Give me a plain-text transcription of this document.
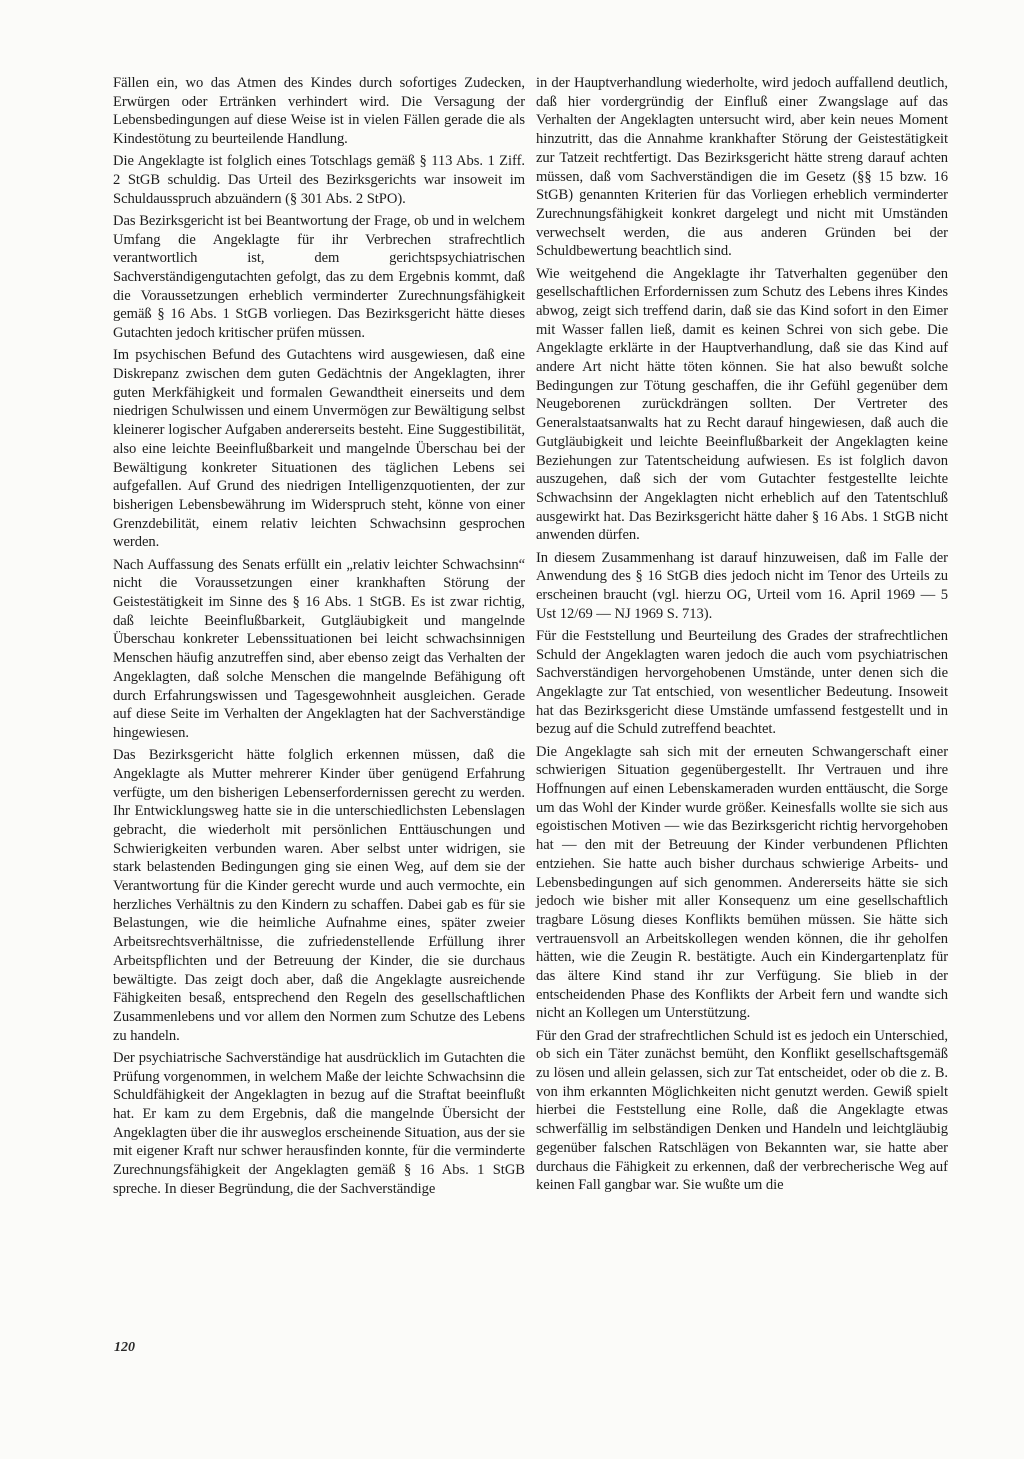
Fällen ein, wo das Atmen des Kindes durch sofortiges Zudecken, Erwürgen oder Ertränken verhindert wird. Die Versagung der Lebensbedingungen auf diese Weise ist in vielen Fällen gerade die als Kindestötung zu beurteilende Handlung.

Die Angeklagte ist folglich eines Totschlags gemäß § 113 Abs. 1 Ziff. 2 StGB schuldig. Das Urteil des Bezirksgerichts war insoweit im Schuldausspruch abzuändern (§ 301 Abs. 2 StPO).

Das Bezirksgericht ist bei Beantwortung der Frage, ob und in welchem Umfang die Angeklagte für ihr Verbrechen strafrechtlich verantwortlich ist, dem gerichtspsychiatrischen Sachverständigengutachten gefolgt, das zu dem Ergebnis kommt, daß die Voraussetzungen erheblich verminderter Zurechnungsfähigkeit gemäß § 16 Abs. 1 StGB vorliegen. Das Bezirksgericht hätte dieses Gutachten jedoch kritischer prüfen müssen.

Im psychischen Befund des Gutachtens wird ausgewiesen, daß eine Diskrepanz zwischen dem guten Gedächtnis der Angeklagten, ihrer guten Merkfähigkeit und formalen Gewandtheit einerseits und dem niedrigen Schulwissen und einem Unvermögen zur Bewältigung selbst kleinerer logischer Aufgaben andererseits besteht. Eine Suggestibilität, also eine leichte Beeinflußbarkeit und mangelnde Überschau bei der Bewältigung konkreter Situationen des täglichen Lebens sei aufgefallen. Auf Grund des niedrigen Intelligenzquotienten, der zur bisherigen Lebensbewährung im Widerspruch steht, könne von einer Grenzdebilität, einem relativ leichten Schwachsinn gesprochen werden.

Nach Auffassung des Senats erfüllt ein „relativ leichter Schwachsinn“ nicht die Voraussetzungen einer krankhaften Störung der Geistestätigkeit im Sinne des § 16 Abs. 1 StGB. Es ist zwar richtig, daß leichte Beeinflußbarkeit, Gutgläubigkeit und mangelnde Überschau konkreter Lebenssituationen bei leicht schwachsinnigen Menschen häufig anzutreffen sind, aber ebenso zeigt das Verhalten der Angeklagten, daß solche Menschen die mangelnde Befähigung oft durch Erfahrungswissen und Tagesgewohnheit ausgleichen. Gerade auf diese Seite im Verhalten der Angeklagten hat der Sachverständige hingewiesen.

Das Bezirksgericht hätte folglich erkennen müssen, daß die Angeklagte als Mutter mehrerer Kinder über genügend Erfahrung verfügte, um den bisherigen Lebenserfordernissen gerecht zu werden. Ihr Entwicklungsweg hatte sie in die unterschiedlichsten Lebenslagen gebracht, die wiederholt mit persönlichen Enttäuschungen und Schwierigkeiten verbunden waren. Aber selbst unter widrigen, sie stark belastenden Bedingungen ging sie einen Weg, auf dem sie der Verantwortung für die Kinder gerecht wurde und auch vermochte, ein herzliches Verhältnis zu den Kindern zu schaffen. Dabei gab es für sie Belastungen, wie die heimliche Aufnahme eines, später zweier Arbeitsrechtsverhältnisse, die zufriedenstellende Erfüllung ihrer Arbeitspflichten und der Betreuung der Kinder, die sie durchaus bewältigte. Das zeigt doch aber, daß die Angeklagte ausreichende Fähigkeiten besaß, entsprechend den Regeln des gesellschaftlichen Zusammenlebens und vor allem den Normen zum Schutze des Lebens zu handeln.

Der psychiatrische Sachverständige hat ausdrücklich im Gutachten die Prüfung vorgenommen, in welchem Maße der leichte Schwachsinn die Schuldfähigkeit der Angeklagten in bezug auf die Straftat beeinflußt hat. Er kam zu dem Ergebnis, daß die mangelnde Übersicht der Angeklagten über die ihr ausweglos erscheinende Situation, aus der sie mit eigener Kraft nur schwer herausfinden konnte, für die verminderte Zurechnungsfähigkeit der Angeklagten gemäß § 16 Abs. 1 StGB spreche. In dieser Begründung, die der Sachverständige

in der Hauptverhandlung wiederholte, wird jedoch auffallend deutlich, daß hier vordergründig der Einfluß einer Zwangslage auf das Verhalten der Angeklagten untersucht wird, aber kein neues Moment hinzutritt, das die Annahme krankhafter Störung der Geistestätigkeit zur Tatzeit rechtfertigt. Das Bezirksgericht hätte streng darauf achten müssen, daß vom Sachverständigen die im Gesetz (§§ 15 bzw. 16 StGB) genannten Kriterien für das Vorliegen erheblich verminderter Zurechnungsfähigkeit konkret dargelegt und nicht mit Umständen verwechselt werden, die aus anderen Gründen bei der Schuldbewertung beachtlich sind.

Wie weitgehend die Angeklagte ihr Tatverhalten gegenüber den gesellschaftlichen Erfordernissen zum Schutz des Lebens ihres Kindes abwog, zeigt sich treffend darin, daß sie das Kind sofort in den Eimer mit Wasser fallen ließ, damit es keinen Schrei von sich gebe. Die Angeklagte erklärte in der Hauptverhandlung, daß sie das Kind auf andere Art nicht hätte töten können. Sie hat also bewußt solche Bedingungen zur Tötung geschaffen, die ihr Gefühl gegenüber dem Neugeborenen zurückdrängen sollten. Der Vertreter des Generalstaatsanwalts hat zu Recht darauf hingewiesen, daß auch die Gutgläubigkeit und leichte Beeinflußbarkeit der Angeklagten keine Beziehungen zur Tatentscheidung aufwiesen. Es ist folglich davon auszugehen, daß sich der vom Gutachter festgestellte leichte Schwachsinn der Angeklagten nicht erheblich auf den Tatentschluß ausgewirkt hat. Das Bezirksgericht hätte daher § 16 Abs. 1 StGB nicht anwenden dürfen.

In diesem Zusammenhang ist darauf hinzuweisen, daß im Falle der Anwendung des § 16 StGB dies jedoch nicht im Tenor des Urteils zu erscheinen braucht (vgl. hierzu OG, Urteil vom 16. April 1969 — 5 Ust 12/69 — NJ 1969 S. 713).

Für die Feststellung und Beurteilung des Grades der strafrechtlichen Schuld der Angeklagten waren jedoch die auch vom psychiatrischen Sachverständigen hervorgehobenen Umstände, unter denen sich die Angeklagte zur Tat entschied, von wesentlicher Bedeutung. Insoweit hat das Bezirksgericht diese Umstände umfassend festgestellt und in bezug auf die Schuld zutreffend beachtet.

Die Angeklagte sah sich mit der erneuten Schwangerschaft einer schwierigen Situation gegenübergestellt. Ihr Vertrauen und ihre Hoffnungen auf einen Lebenskameraden wurden enttäuscht, die Sorge um das Wohl der Kinder wurde größer. Keinesfalls wollte sie sich aus egoistischen Motiven — wie das Bezirksgericht richtig hervorgehoben hat — den mit der Betreuung der Kinder verbundenen Pflichten entziehen. Sie hatte auch bisher durchaus schwierige Arbeits- und Lebensbedingungen auf sich genommen. Andererseits hätte sie sich jedoch wie bisher mit aller Konsequenz um eine gesellschaftlich tragbare Lösung dieses Konflikts bemühen müssen. Sie hätte sich vertrauensvoll an Arbeitskollegen wenden können, die ihr geholfen hätten, wie die Zeugin R. bestätigte. Auch ein Kindergartenplatz für das ältere Kind stand ihr zur Verfügung. Sie blieb in der entscheidenden Phase des Konflikts der Arbeit fern und wandte sich nicht an Kollegen um Unterstützung.

Für den Grad der strafrechtlichen Schuld ist es jedoch ein Unterschied, ob sich ein Täter zunächst bemüht, den Konflikt gesellschaftsgemäß zu lösen und allein gelassen, sich zur Tat entscheidet, oder ob die z. B. von ihm erkannten Möglichkeiten nicht genutzt werden. Gewiß spielt hierbei die Feststellung eine Rolle, daß die Angeklagte etwas schwerfällig im selbständigen Denken und Handeln und leichtgläubig gegenüber falschen Ratschlägen von Bekannten war, sie hatte aber durchaus die Fähigkeit zu erkennen, daß der verbrecherische Weg auf keinen Fall gangbar war. Sie wußte um die

120
